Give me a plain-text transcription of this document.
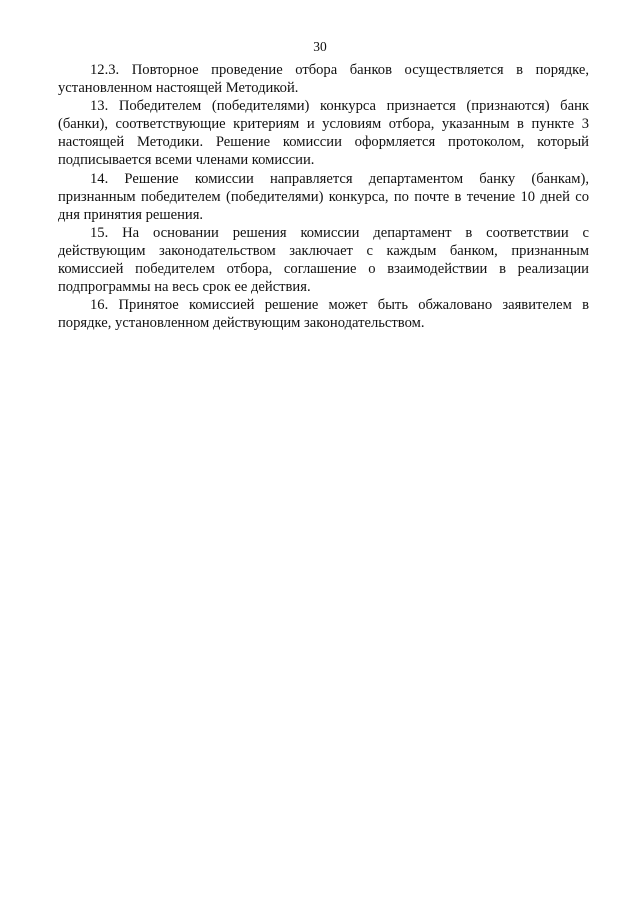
30

12.3. Повторное проведение отбора банков осуществляется в порядке, установленном настоящей Методикой.

13. Победителем (победителями) конкурса признается (признаются) банк (банки), соответствующие критериям и условиям отбора, указанным в пункте 3 настоящей Методики. Решение комиссии оформляется протоколом, который подписывается всеми членами комиссии.

14. Решение комиссии направляется департаментом банку (банкам), признанным победителем (победителями) конкурса, по почте в течение 10 дней со дня принятия решения.

15. На основании решения комиссии департамент в соответствии с действующим законодательством заключает с каждым банком, признанным комиссией победителем отбора, соглашение о взаимодействии в реализации подпрограммы на весь срок ее действия.

16. Принятое комиссией решение может быть обжаловано заявителем в порядке, установленном действующим законодательством.
